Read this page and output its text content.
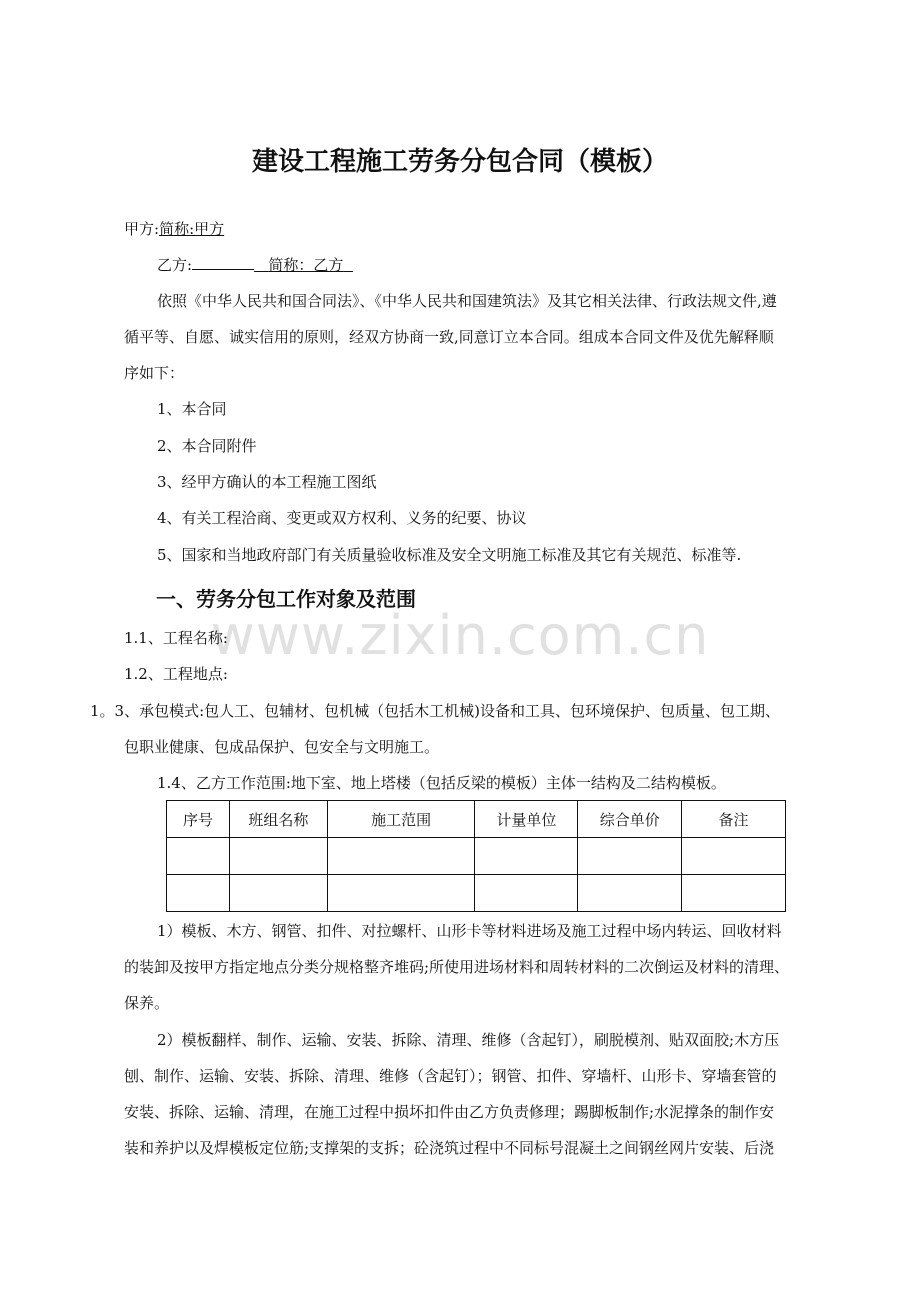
www.zixin.com.cn
建设工程施工劳务分包合同（模板）
甲方:简称:甲方
乙方:	简称：乙方
依照《中华人民共和国合同法》、《中华人民共和国建筑法》及其它相关法律、行政法规文件,遵
循平等、自愿、诚实信用的原则，经双方协商一致,同意订立本合同。组成本合同文件及优先解释顺
序如下：
1、本合同
2、本合同附件
3、经甲方确认的本工程施工图纸
4、有关工程洽商、变更或双方权利、义务的纪要、协议
5、国家和当地政府部门有关质量验收标准及安全文明施工标准及其它有关规范、标准等.
一、劳务分包工作对象及范围
1.1、工程名称:
1.2、工程地点:
1。3、承包模式:包人工、包辅材、包机械（包括木工机械)设备和工具、包环境保护、包质量、包工期、
包职业健康、包成品保护、包安全与文明施工。
1.4、乙方工作范围:地下室、地上塔楼（包括反梁的模板）主体一结构及二结构模板。
序号	班组名称	施工范围	计量单位	综合单价	备注

1）模板、木方、钢管、扣件、对拉螺杆、山形卡等材料进场及施工过程中场内转运、回收材料
的装卸及按甲方指定地点分类分规格整齐堆码;所使用进场材料和周转材料的二次倒运及材料的清理、
保养。
2）模板翻样、制作、运输、安装、拆除、清理、维修（含起钉），刷脱模剂、贴双面胶;木方压
刨、制作、运输、安装、拆除、清理、维修（含起钉）；钢管、扣件、穿墙杆、山形卡、穿墙套管的
安装、拆除、运输、清理，在施工过程中损坏扣件由乙方负责修理；踢脚板制作;水泥撑条的制作安
装和养护以及焊模板定位筋;支撑架的支拆；砼浇筑过程中不同标号混凝土之间钢丝网片安装、后浇
